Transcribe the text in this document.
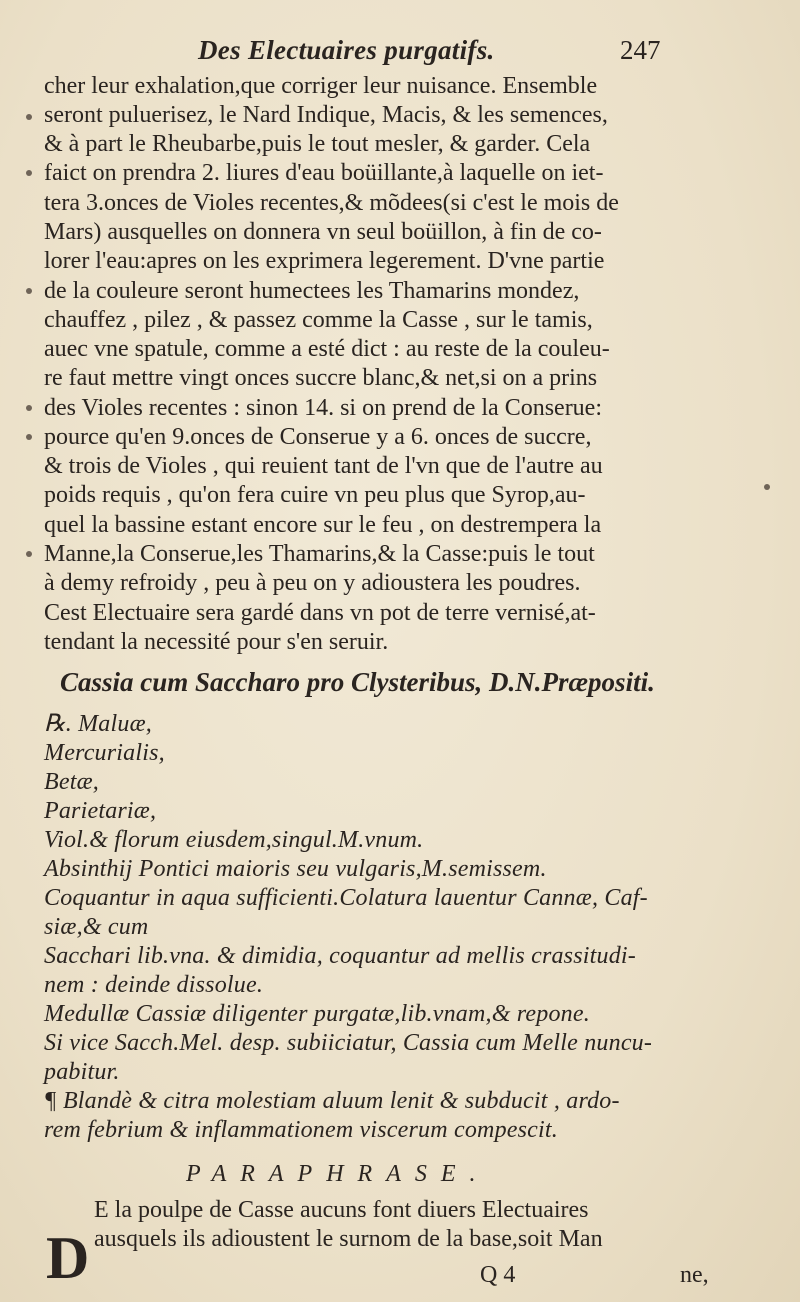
Des Electuaires purgatifs.	247
cher leur exhalation,que corriger leur nuisance. Ensemble
seront puluerisez, le Nard Indique, Macis, & les semences,
& à part le Rheubarbe,puis le tout mesler, & garder. Cela
faict on prendra 2. liures d'eau boüillante,à laquelle on iet-
tera 3.onces de Violes recentes,& mõdees(si c'est le mois de
Mars) ausquelles on donnera vn seul boüillon, à fin de co-
lorer l'eau:apres on les exprimera legerement. D'vne partie
de la couleure seront humectees les Thamarins mondez,
chauffez , pilez , & passez comme la Casse , sur le tamis,
auec vne spatule, comme a esté dict : au reste de la couleu-
re faut mettre vingt onces succre blanc,& net,si on a prins
des Violes recentes : sinon 14. si on prend de la Conserue:
pource qu'en 9.onces de Conserue y a 6. onces de succre,
& trois de Violes , qui reuient tant de l'vn que de l'autre au
poids requis , qu'on fera cuire vn peu plus que Syrop,au-
quel la bassine estant encore sur le feu , on destrempera la
Manne,la Conserue,les Thamarins,& la Casse:puis le tout
à demy refroidy , peu à peu on y adioustera les poudres.
Cest Electuaire sera gardé dans vn pot de terre vernisé,at-
tendant la necessité pour s'en seruir.
Cassia cum Saccharo pro Clysteribus, D.N.Præpositi.
℞. Maluæ,
Mercurialis,
Betæ,
Parietariæ,
Viol.& florum eiusdem,singul.M.vnum.
Absinthij Pontici maioris seu vulgaris,M.semissem.
Coquantur in aqua sufficienti.Colatura lauentur Cannæ, Caf-
siæ,& cum
Sacchari lib.vna. & dimidia, coquantur ad mellis crassitudi-
nem : deinde dissolue.
Medullæ Cassiæ diligenter purgatæ,lib.vnam,& repone.
Si vice Sacch.Mel. desp. subiiciatur, Cassia cum Melle nuncu-
pabitur.
¶ Blandè & citra molestiam aluum lenit & subducit , ardo-
rem febrium & inflammationem viscerum compescit.
PARAPHRASE.
D
E la poulpe de Casse aucuns font diuers Electuaires
ausquels ils adioustent le surnom de la base,soit Man
Q 4	ne,
